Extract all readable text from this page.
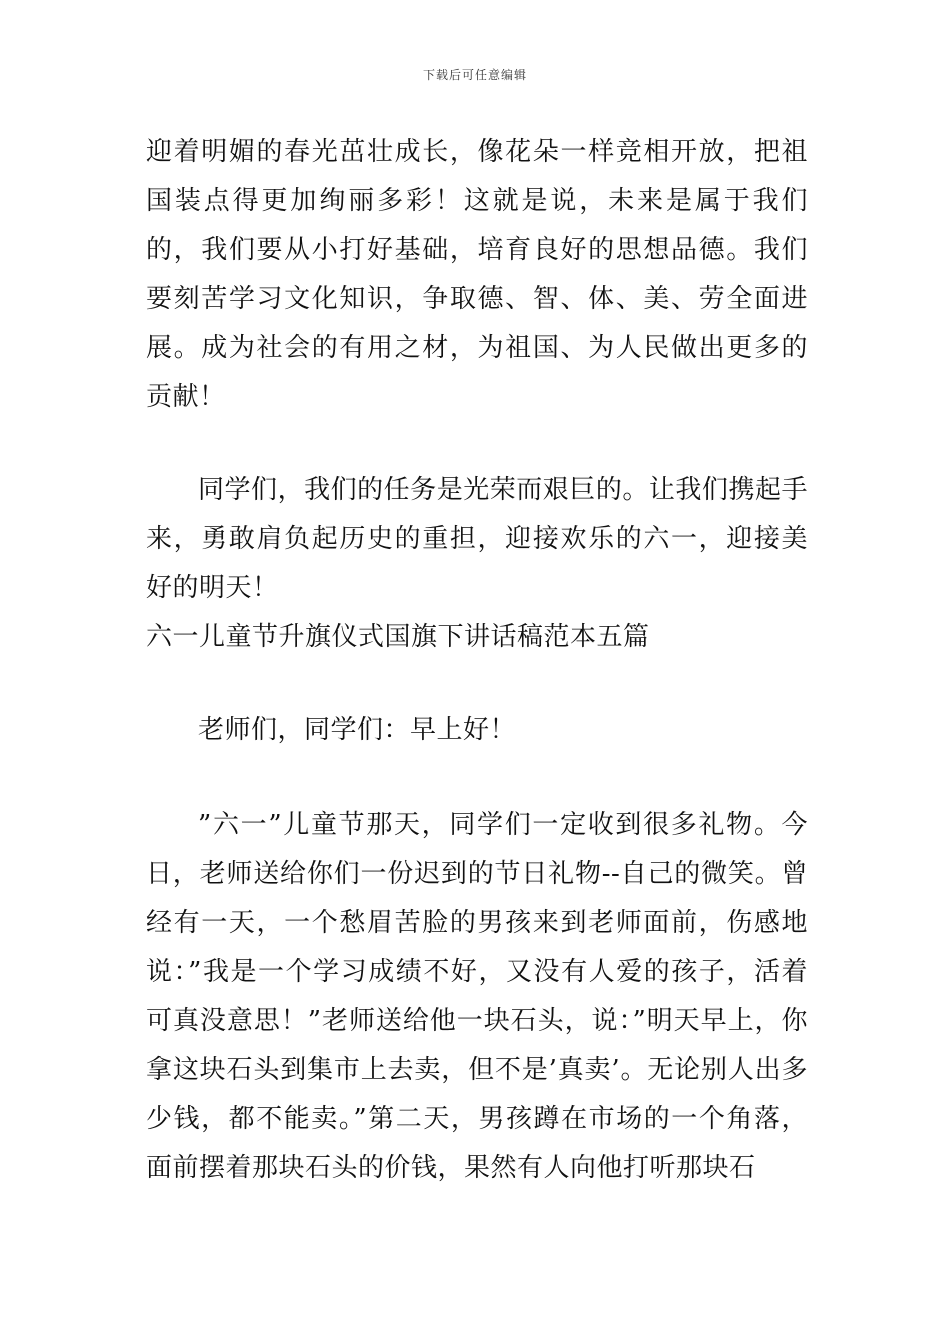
下载后可任意编辑

迎着明媚的春光茁壮成长，像花朵一样竞相开放，把祖国装点得更加绚丽多彩！这就是说，未来是属于我们的，我们要从小打好基础，培育良好的思想品德。我们要刻苦学习文化知识，争取德、智、体、美、劳全面进展。成为社会的有用之材，为祖国、为人民做出更多的贡献！

同学们，我们的任务是光荣而艰巨的。让我们携起手来，勇敢肩负起历史的重担，迎接欢乐的六一，迎接美好的明天！

六一儿童节升旗仪式国旗下讲话稿范本五篇

老师们，同学们：早上好！

”六一”儿童节那天，同学们一定收到很多礼物。今日，老师送给你们一份迟到的节日礼物--自己的微笑。曾经有一天，一个愁眉苦脸的男孩来到老师面前，伤感地说：”我是一个学习成绩不好，又没有人爱的孩子，活着可真没意思！”老师送给他一块石头，说：”明天早上，你拿这块石头到集市上去卖，但不是’真卖’。无论别人出多少钱，都不能卖。”第二天，男孩蹲在市场的一个角落，面前摆着那块石头的价钱，果然有人向他打听那块石
